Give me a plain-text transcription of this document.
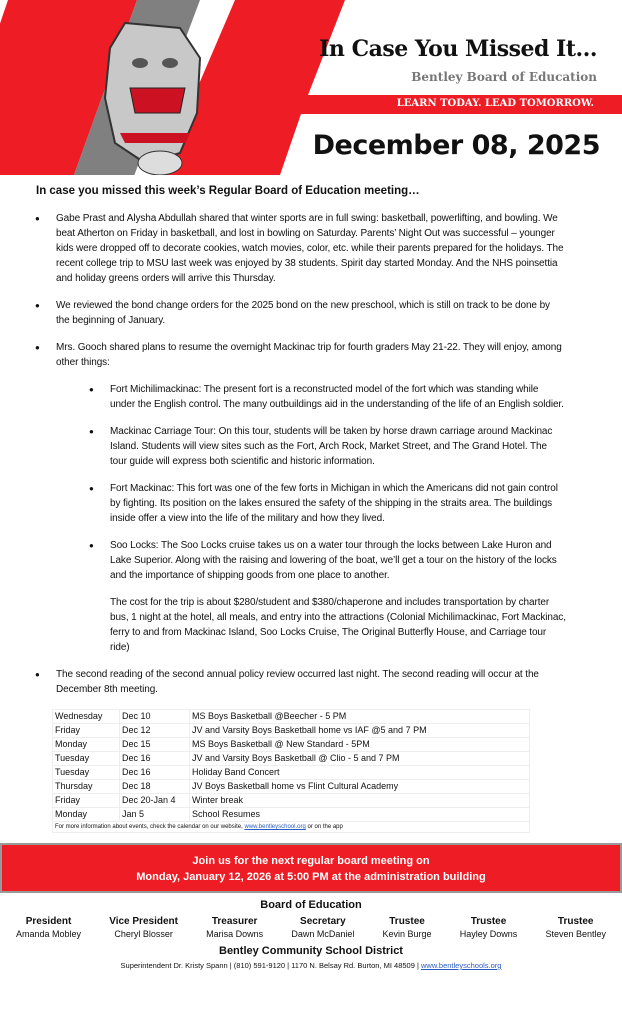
In Case You Missed It…
Bentley Board of Education
LEARN TODAY. LEAD TOMORROW.
December 08, 2025
In case you missed this week’s Regular Board of Education meeting…
● Gabe Prast and Alysha Abdullah shared that winter sports are in full swing: basketball, powerlifting, and bowling. We beat Atherton on Friday in basketball, and lost in bowling on Saturday. Parents’ Night Out was successful – younger kids were dropped off to decorate cookies, watch movies, color, etc. while their parents prepared for the holidays. The recent college trip to MSU last week was enjoyed by 38 students. Spirit day started Monday. And the NHS poinsettia and holiday greens orders will arrive this Thursday.
● We reviewed the bond change orders for the 2025 bond on the new preschool, which is still on track to be done by the beginning of January.
● Mrs. Gooch shared plans to resume the overnight Mackinac trip for fourth graders May 21-22. They will enjoy, among other things:
● Fort Michilimackinac: The present fort is a reconstructed model of the fort which was standing while under the English control. The many outbuildings aid in the understanding of the life of an English soldier.
● Mackinac Carriage Tour: On this tour, students will be taken by horse drawn carriage around Mackinac Island. Students will view sites such as the Fort, Arch Rock, Market Street, and The Grand Hotel. The tour guide will express both scientific and historic information.
● Fort Mackinac: This fort was one of the few forts in Michigan in which the Americans did not gain control by fighting. Its position on the lakes ensured the safety of the shipping in the straits area. The buildings inside offer a view into the life of the military and how they lived.
● Soo Locks: The Soo Locks cruise takes us on a water tour through the locks between Lake Huron and Lake Superior. Along with the raising and lowering of the boat, we’ll get a tour on the history of the locks and the importance of shipping goods from one place to another.
The cost for the trip is about $280/student and $380/chaperone and includes transportation by charter bus, 1 night at the hotel, all meals, and entry into the attractions (Colonial Michilimackinac, Fort Mackinac, ferry to and from Mackinac Island, Soo Locks Cruise, The Original Butterfly House, and Carriage tour ride)
● The second reading of the second annual policy review occurred last night. The second reading will occur at the December 8th meeting.
Wednesday	Dec 10	MS Boys Basketball @Beecher - 5 PM
Friday	Dec 12	JV and Varsity Boys Basketball home vs IAF @5 and 7 PM
Monday	Dec 15	MS Boys Basketball @ New Standard - 5PM
Tuesday	Dec 16	JV and Varsity Boys Basketball @ Clio - 5 and 7 PM
Tuesday	Dec 16	Holiday Band Concert
Thursday	Dec 18	JV Boys Basketball home vs Flint Cultural Academy
Friday	Dec 20-Jan 4	Winter break
Monday	Jan 5	School Resumes
For more information about events, check the calendar on our website, www.bentleyschool.org or on the app		
Join us for the next regular board meeting on
Monday, January 12, 2026 at 5:00 PM at the administration building
Board of Education
President
Amanda Mobley
Vice President
Cheryl Blosser
Treasurer
Marisa Downs
Secretary
Dawn McDaniel
Trustee
Kevin Burge
Trustee
Hayley Downs
Trustee
Steven Bentley
Bentley Community School District
Superintendent Dr. Kristy Spann | (810) 591-9120 | 1170 N. Belsay Rd. Burton, MI 48509 | www.bentleyschools.org
